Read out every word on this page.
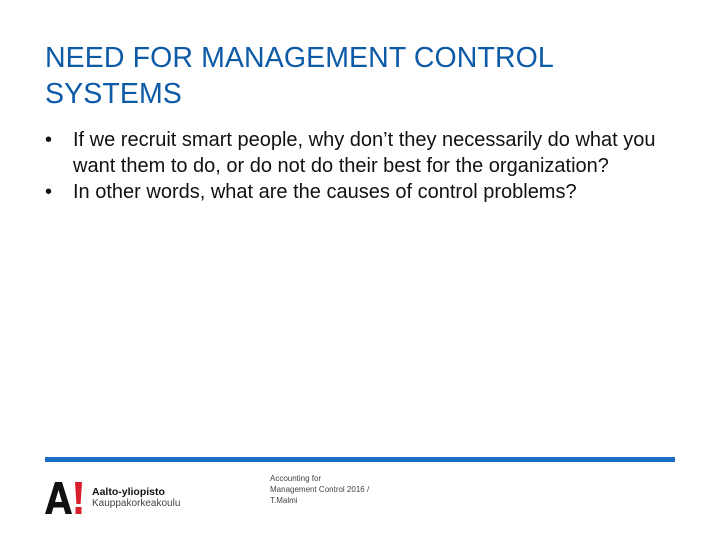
NEED FOR MANAGEMENT CONTROL SYSTEMS
•	If we recruit smart people, why don’t they necessarily do what you want them to do, or do not do their best for the organization?
•	In other words, what are the causes of control problems?
Aalto-yliopisto
Kauppakorkeakoulu
Accounting for
Management Control 2016 /
T.Malmi
